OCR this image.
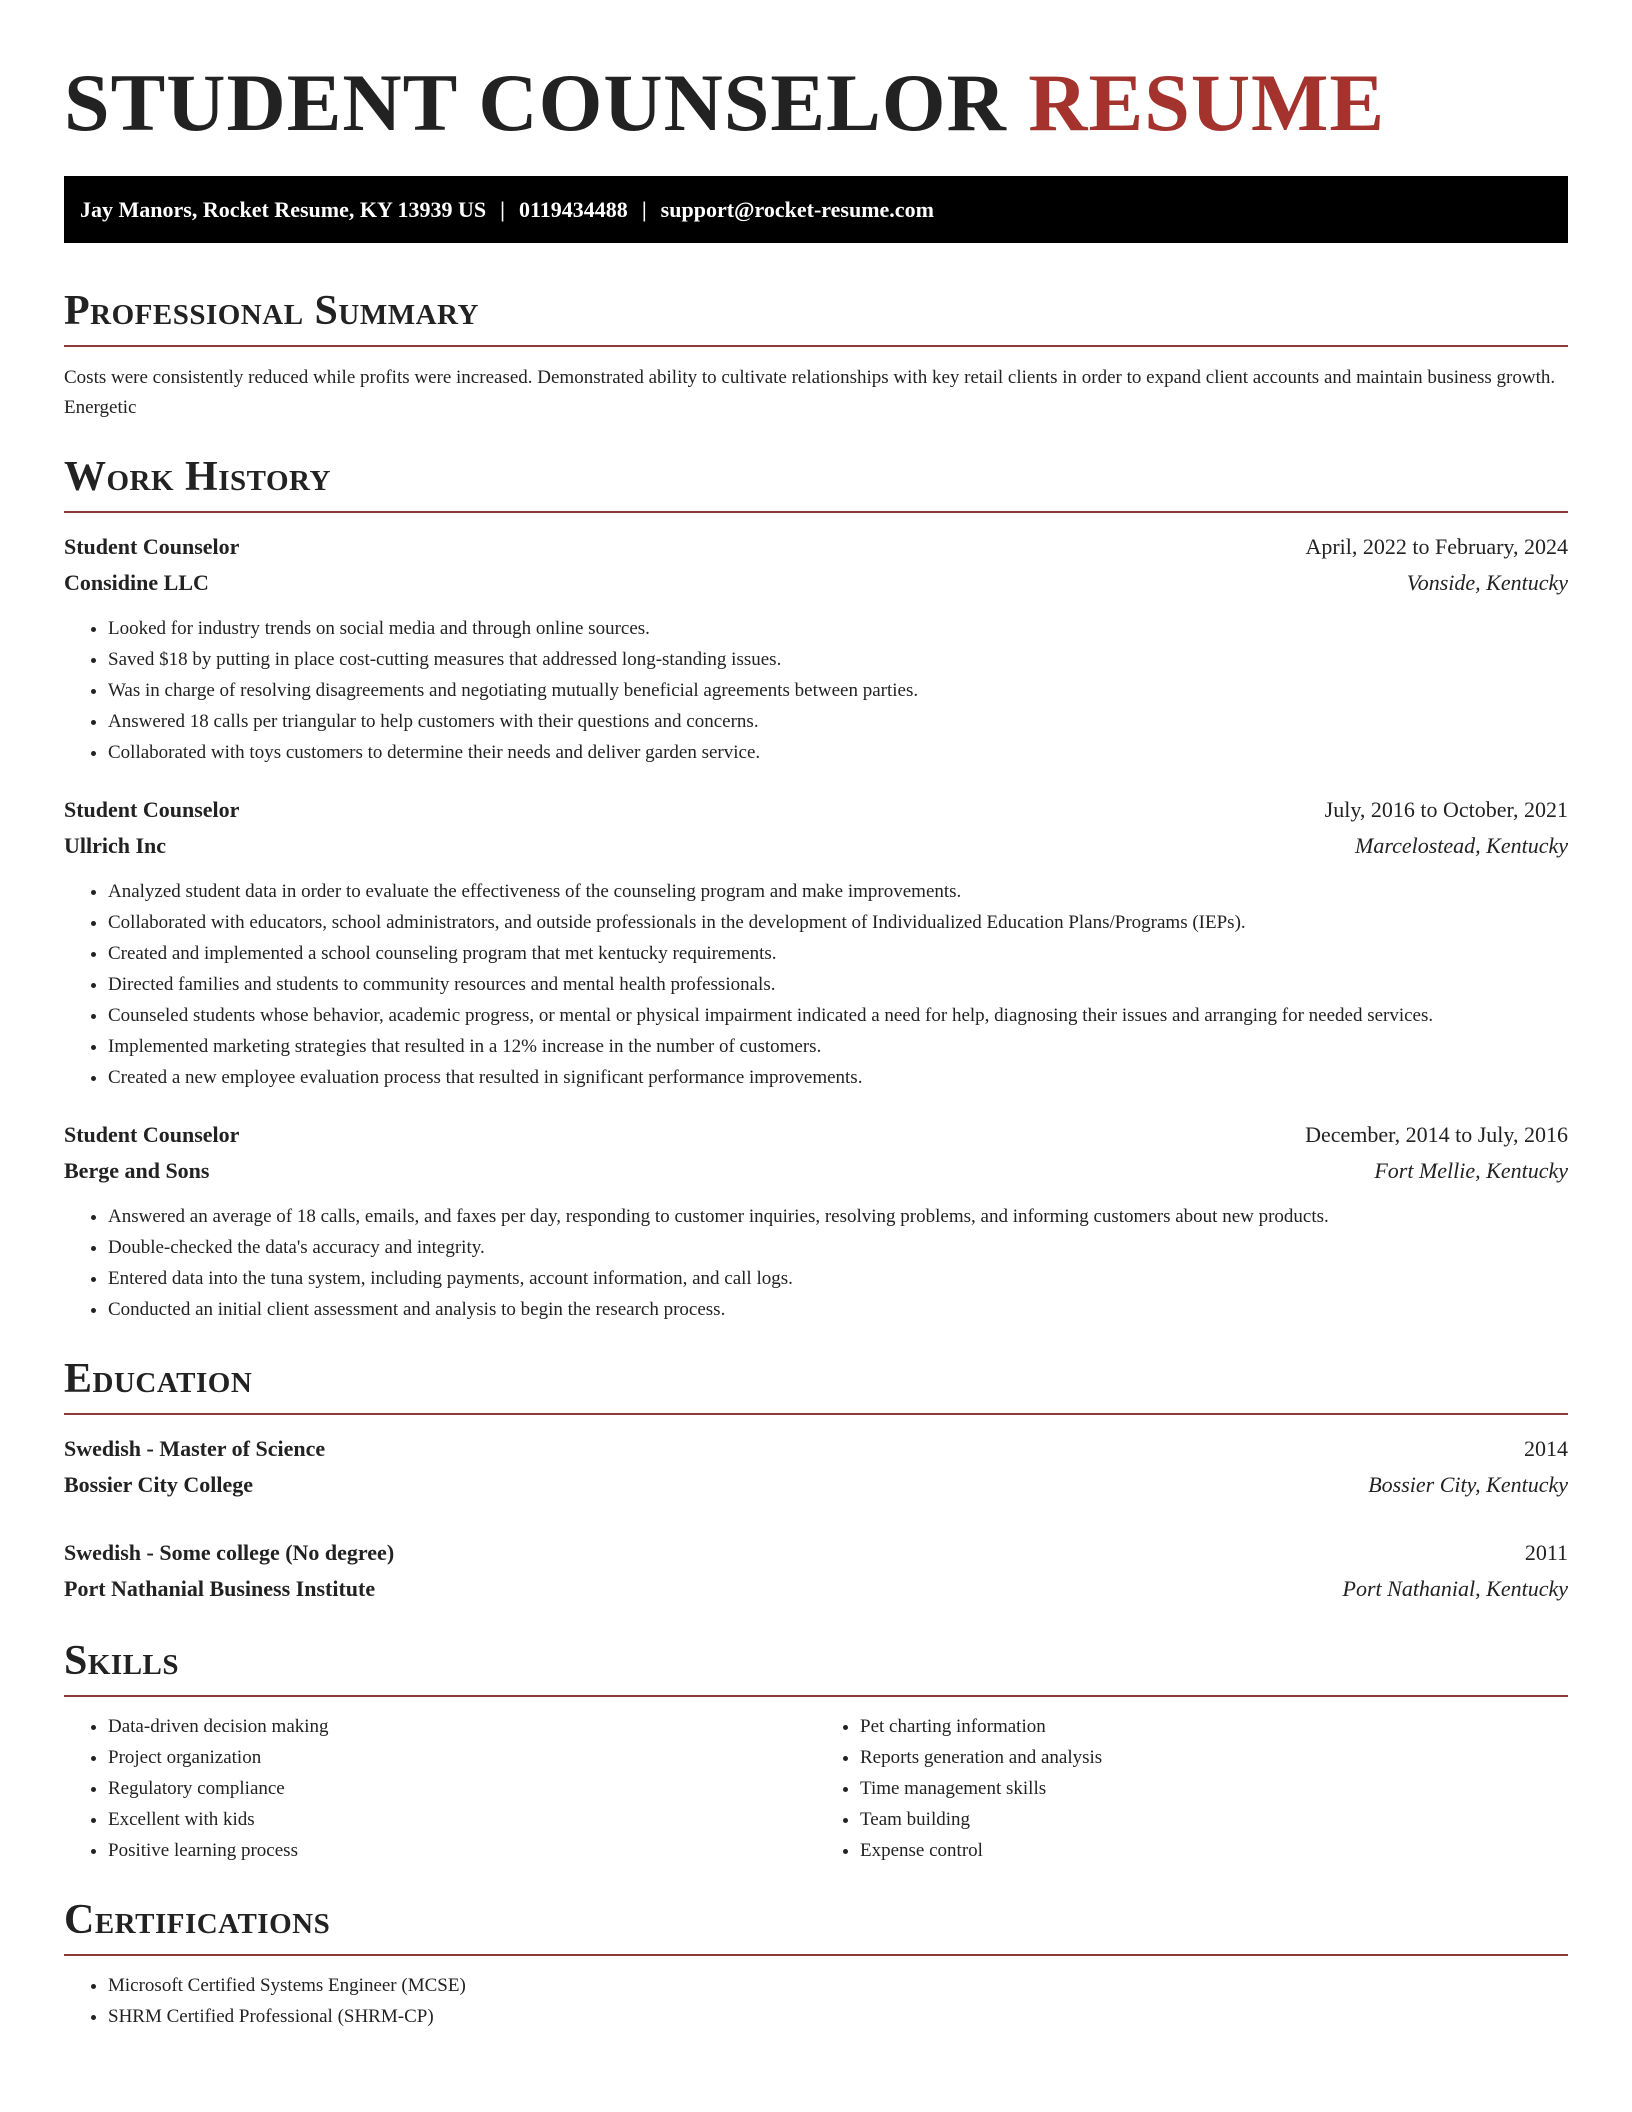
STUDENT COUNSELOR RESUME
Jay Manors, Rocket Resume, KY 13939 US | 0119434488 | support@rocket-resume.com
Professional Summary

Costs were consistently reduced while profits were increased. Demonstrated ability to cultivate relationships with key retail clients in order to expand client accounts and maintain business growth. Energetic

Work History
Student Counselor	April, 2022 to February, 2024
Considine LLC	Vonside, Kentucky
• Looked for industry trends on social media and through online sources.
• Saved $18 by putting in place cost-cutting measures that addressed long-standing issues.
• Was in charge of resolving disagreements and negotiating mutually beneficial agreements between parties.
• Answered 18 calls per triangular to help customers with their questions and concerns.
• Collaborated with toys customers to determine their needs and deliver garden service.
Student Counselor	July, 2016 to October, 2021
Ullrich Inc	Marcelostead, Kentucky
• Analyzed student data in order to evaluate the effectiveness of the counseling program and make improvements.
• Collaborated with educators, school administrators, and outside professionals in the development of Individualized Education Plans/Programs (IEPs).
• Created and implemented a school counseling program that met kentucky requirements.
• Directed families and students to community resources and mental health professionals.
• Counseled students whose behavior, academic progress, or mental or physical impairment indicated a need for help, diagnosing their issues and arranging for needed services.
• Implemented marketing strategies that resulted in a 12% increase in the number of customers.
• Created a new employee evaluation process that resulted in significant performance improvements.
Student Counselor	December, 2014 to July, 2016
Berge and Sons	Fort Mellie, Kentucky
• Answered an average of 18 calls, emails, and faxes per day, responding to customer inquiries, resolving problems, and informing customers about new products.
• Double-checked the data's accuracy and integrity.
• Entered data into the tuna system, including payments, account information, and call logs.
• Conducted an initial client assessment and analysis to begin the research process.
Education
Swedish - Master of Science	2014
Bossier City College	Bossier City, Kentucky
Swedish - Some college (No degree)	2011
Port Nathanial Business Institute	Port Nathanial, Kentucky
Skills
• Data-driven decision making
• Project organization
• Regulatory compliance
• Excellent with kids
• Positive learning process
• Pet charting information
• Reports generation and analysis
• Time management skills
• Team building
• Expense control
Certifications
• Microsoft Certified Systems Engineer (MCSE)
• SHRM Certified Professional (SHRM-CP)
